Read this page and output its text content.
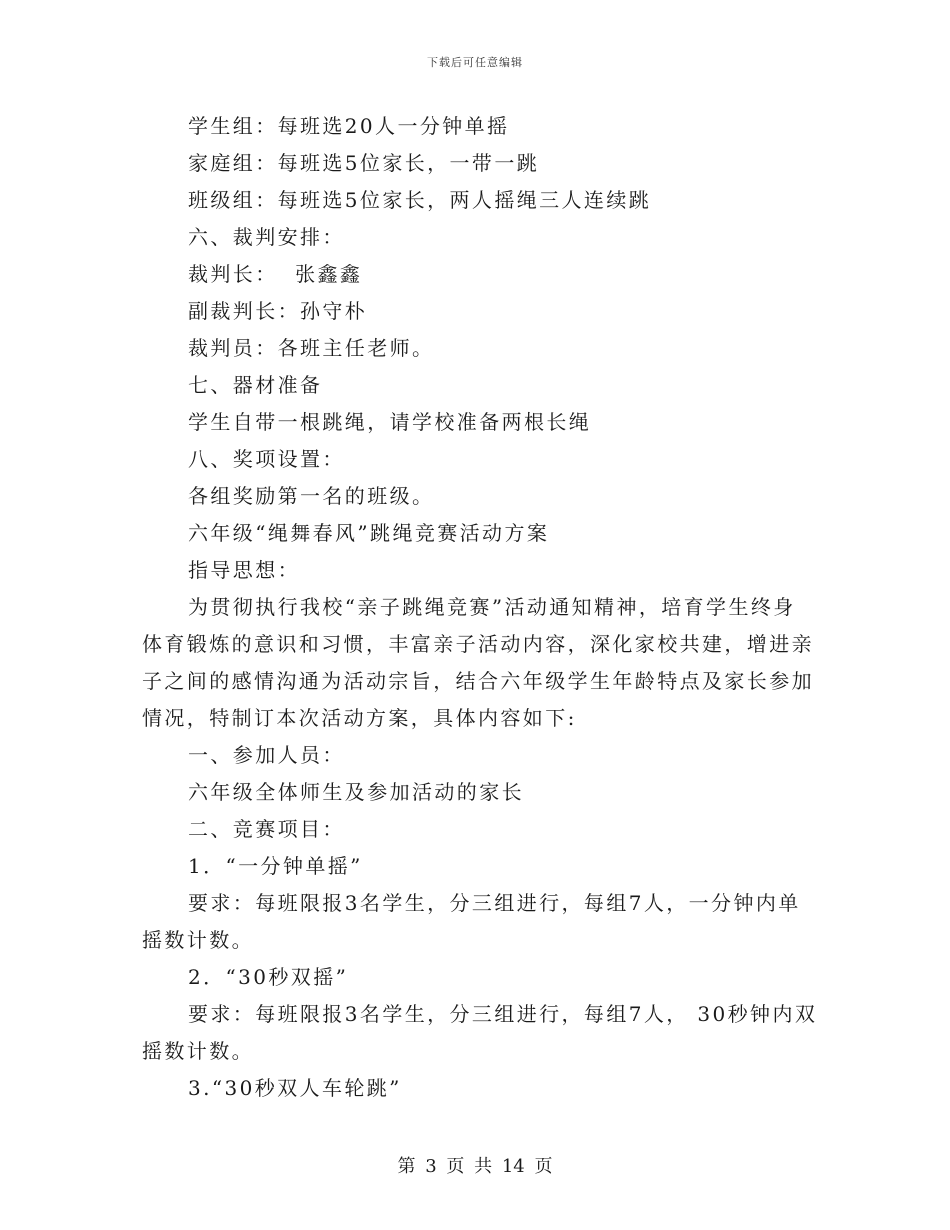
下载后可任意编辑
学生组：每班选20人一分钟单摇
家庭组：每班选5位家长，一带一跳
班级组：每班选5位家长，两人摇绳三人连续跳
六、裁判安排：
裁判长：  张鑫鑫
副裁判长：孙守朴
裁判员：各班主任老师。
七、器材准备
学生自带一根跳绳，请学校准备两根长绳
八、奖项设置：
各组奖励第一名的班级。
六年级“绳舞春风”跳绳竞赛活动方案
指导思想：
为贯彻执行我校“亲子跳绳竞赛”活动通知精神，培育学生终身
体育锻炼的意识和习惯，丰富亲子活动内容，深化家校共建，增进亲
子之间的感情沟通为活动宗旨，结合六年级学生年龄特点及家长参加
情况，特制订本次活动方案，具体内容如下:
一、参加人员：
六年级全体师生及参加活动的家长
二、竞赛项目：
1．“一分钟单摇”
要求：每班限报3名学生，分三组进行，每组7人，一分钟内单
摇数计数。
2．“30秒双摇”
要求：每班限报3名学生，分三组进行，每组7人， 30秒钟内双
摇数计数。
3.“30秒双人车轮跳”
第 3 页 共 14 页
